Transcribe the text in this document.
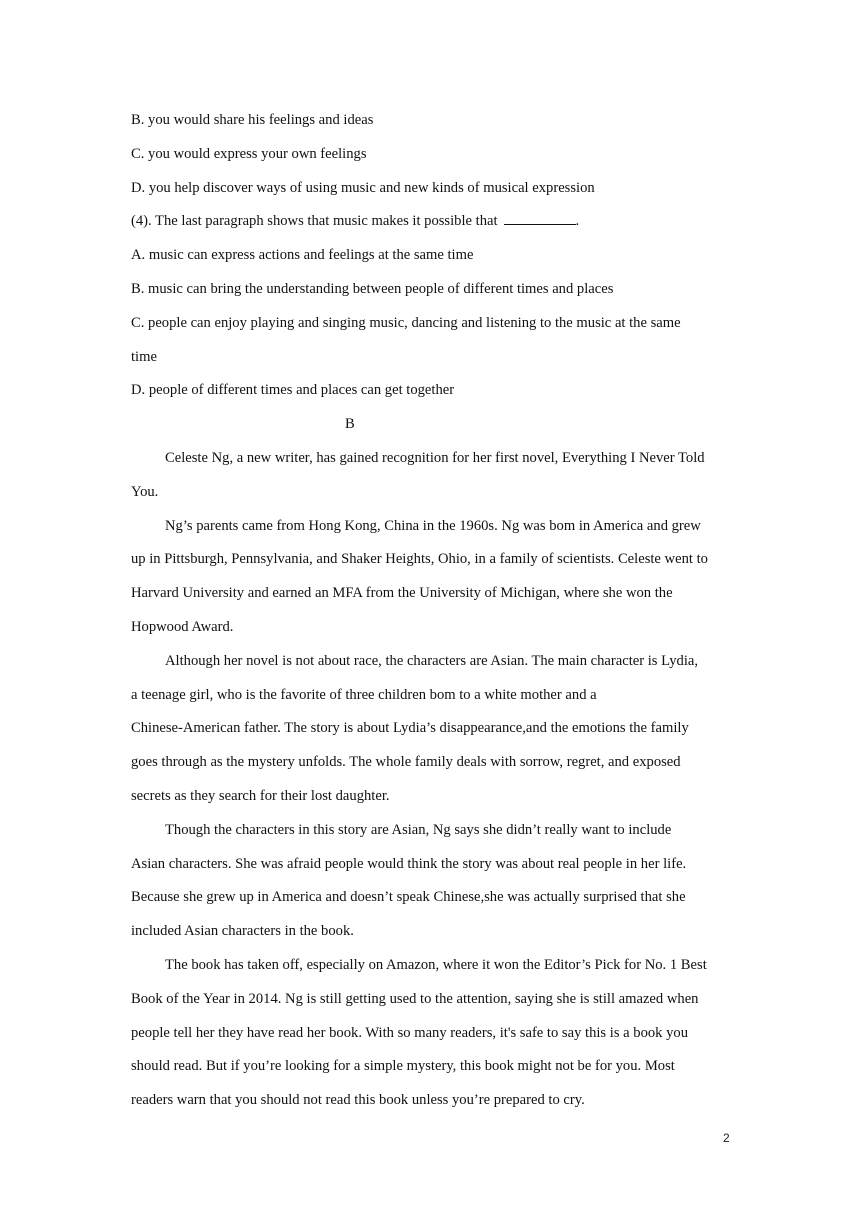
B. you would share his feelings and ideas
C. you would express your own feelings
D. you help discover ways of using music and new kinds of musical expression
(4). The last paragraph shows that music makes it possible that	.
A. music can express actions and feelings at the same time
B. music can bring the understanding between people of different times and places
C. people can enjoy playing and singing music, dancing and listening to the music at the same
time
D. people of different times and places can get together
B
Celeste Ng, a new writer, has gained recognition for her first novel, Everything I Never Told
You.
Ng’s parents came from Hong Kong, China in the 1960s. Ng was bom in America and grew
up in Pittsburgh, Pennsylvania, and Shaker Heights, Ohio, in a family of scientists. Celeste went to
Harvard University and earned an MFA from the University of Michigan, where she won the
Hopwood Award.
Although her novel is not about race, the characters are Asian. The main character is Lydia,
a teenage girl, who is the favorite of three children bom to a white mother and a
Chinese-American father. The story is about Lydia’s disappearance,and the emotions the family
goes through as the mystery unfolds. The whole family deals with sorrow, regret, and exposed
secrets as they search for their lost daughter.
Though the characters in this story are Asian, Ng says she didn’t really want to include
Asian characters. She was afraid people would think the story was about real people in her life.
Because she grew up in America and doesn’t speak Chinese,she was actually surprised that she
included Asian characters in the book.
The book has taken off, especially on Amazon, where it won the Editor’s Pick for No. 1 Best
Book of the Year in 2014. Ng is still getting used to the attention, saying she is still amazed when
people tell her they have read her book. With so many readers, it's safe to say this is a book you
should read. But if you’re looking for a simple mystery, this book might not be for you. Most
readers warn that you should not read this book unless you’re prepared to cry.
2
